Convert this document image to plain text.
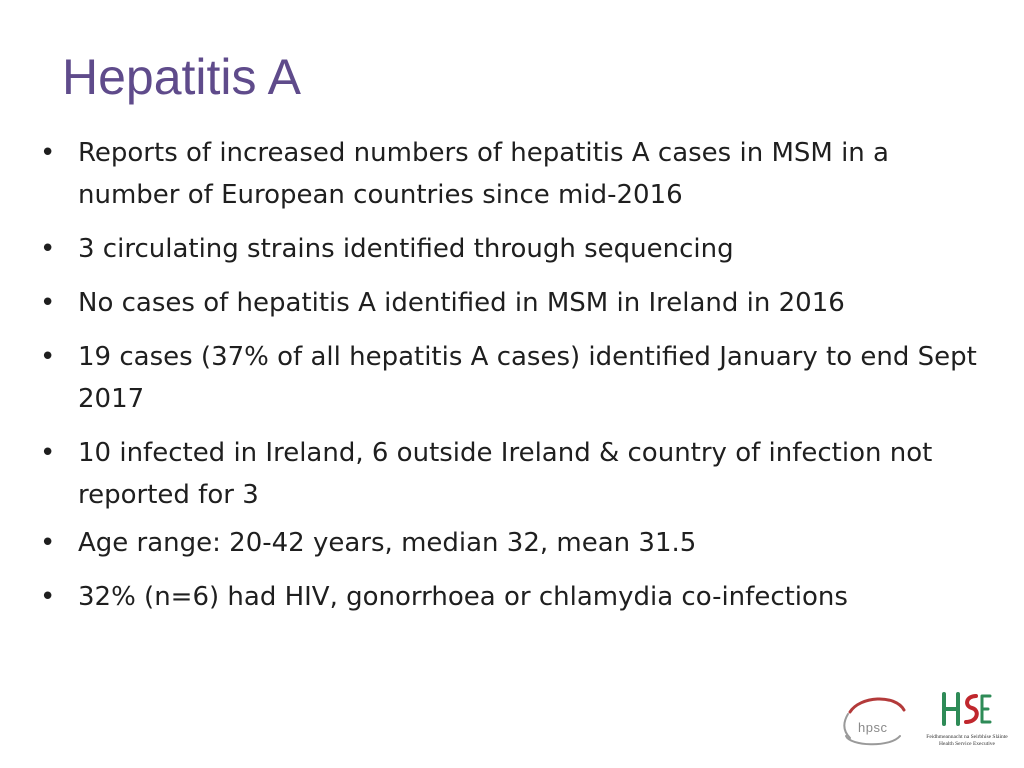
Hepatitis A
• Reports of increased numbers of hepatitis A cases in MSM in a number of European countries since mid-2016
• 3 circulating strains identified through sequencing
• No cases of hepatitis A identified in MSM in Ireland in 2016
• 19 cases (37% of all hepatitis A cases) identified January to end Sept 2017
• 10 infected in Ireland, 6 outside Ireland & country of infection not reported for 3
• Age range: 20-42 years, median 32, mean 31.5
• 32% (n=6) had HIV, gonorrhoea or chlamydia co-infections
hpsc
Feidhmeannacht na Seirbhíse Sláinte
Health Service Executive
